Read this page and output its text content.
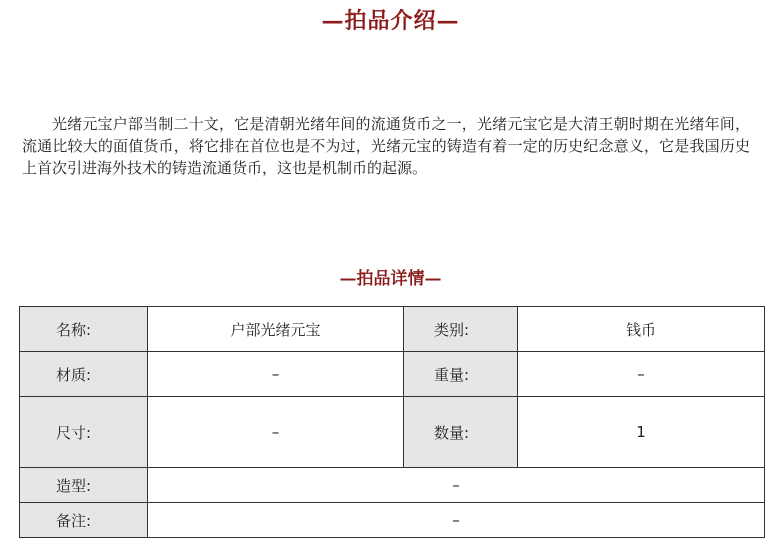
—拍品介绍—

光绪元宝户部当制二十文，它是清朝光绪年间的流通货币之一，光绪元宝它是大清王朝时期在光绪年间，流通比较大的面值货币，将它排在首位也是不为过，光绪元宝的铸造有着一定的历史纪念意义，它是我国历史上首次引进海外技术的铸造流通货币，这也是机制币的起源。

—拍品详情—
名称:	户部光绪元宝	类别:	钱币
材质:	–	重量:	–
尺寸:	–	数量:	1
造型:	–		
备注:	–		
